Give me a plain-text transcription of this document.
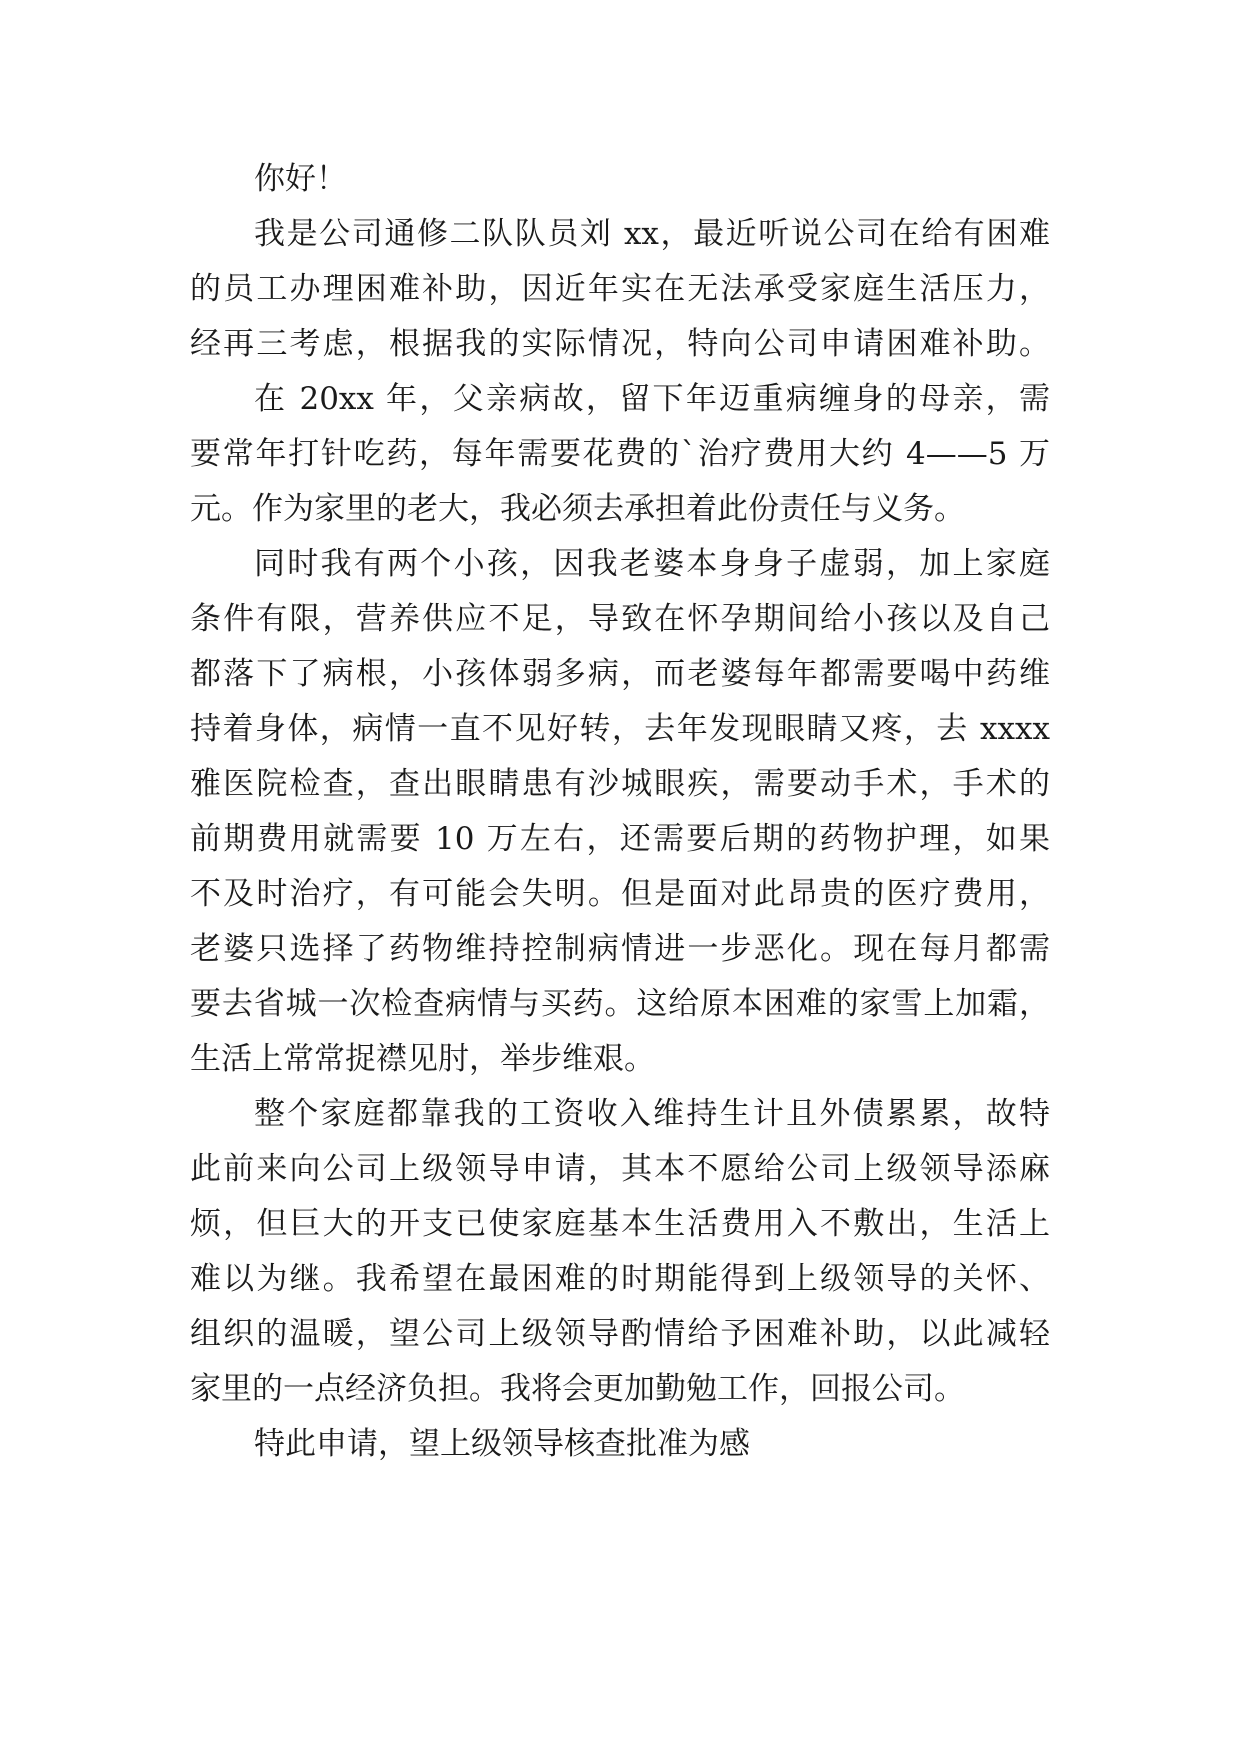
你好！
我是公司通修二队队员刘 xx，最近听说公司在给有困难
的员工办理困难补助，因近年实在无法承受家庭生活压力，
经再三考虑，根据我的实际情况，特向公司申请困难补助。
在 20xx 年，父亲病故，留下年迈重病缠身的母亲，需
要常年打针吃药，每年需要花费的`治疗费用大约 4——5 万
元。作为家里的老大，我必须去承担着此份责任与义务。
同时我有两个小孩，因我老婆本身身子虚弱，加上家庭
条件有限，营养供应不足，导致在怀孕期间给小孩以及自己
都落下了病根，小孩体弱多病，而老婆每年都需要喝中药维
持着身体，病情一直不见好转，去年发现眼睛又疼，去 xxxx
雅医院检查，查出眼睛患有沙城眼疾，需要动手术，手术的
前期费用就需要 10 万左右，还需要后期的药物护理，如果
不及时治疗，有可能会失明。但是面对此昂贵的医疗费用，
老婆只选择了药物维持控制病情进一步恶化。现在每月都需
要去省城一次检查病情与买药。这给原本困难的家雪上加霜，
生活上常常捉襟见肘，举步维艰。
整个家庭都靠我的工资收入维持生计且外债累累，故特
此前来向公司上级领导申请，其本不愿给公司上级领导添麻
烦，但巨大的开支已使家庭基本生活费用入不敷出，生活上
难以为继。我希望在最困难的时期能得到上级领导的关怀、
组织的温暖，望公司上级领导酌情给予困难补助，以此减轻
家里的一点经济负担。我将会更加勤勉工作，回报公司。
特此申请，望上级领导核查批准为感
